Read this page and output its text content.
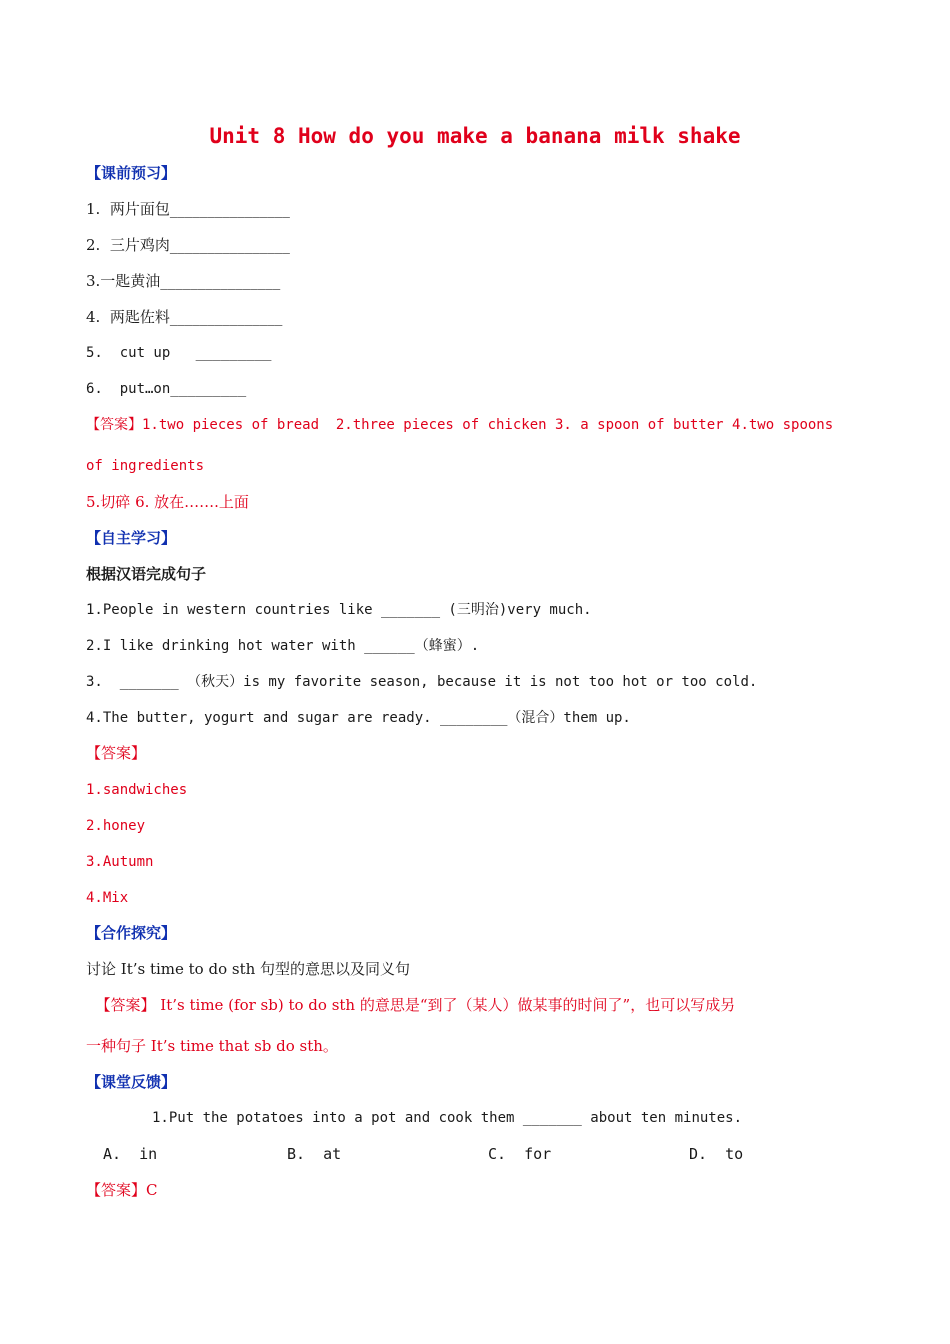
Unit 8 How do you make a banana milk shake
【课前预习】
1.  两片面包________________
2.  三片鸡肉________________
3.一匙黄油________________
4.  两匙佐料_______________
5.  cut up   _________
6.  put…on_________
【答案】1.two pieces of bread  2.three pieces of chicken 3. a spoon of butter 4.two spoons
of ingredients
5.切碎 6. 放在…….上面
【自主学习】
根据汉语完成句子
1.People in western countries like _______ (三明治)very much.
2.I like drinking hot water with ______（蜂蜜）.
3.  _______ （秋天）is my favorite season, because it is not too hot or too cold.
4.The butter, yogurt and sugar are ready. ________（混合）them up.
【答案】
1.sandwiches
2.honey
3.Autumn
4.Mix
【合作探究】
讨论 It’s time to do sth 句型的意思以及同义句
【答案】 It’s time (for sb) to do sth 的意思是“到了（某人）做某事的时间了”，也可以写成另
一种句子 It’s time that sb do sth。
【课堂反馈】
1.Put the potatoes into a pot and cook them _______ about ten minutes.
A.  in	B.  at	C.  for	D.  to
【答案】C
